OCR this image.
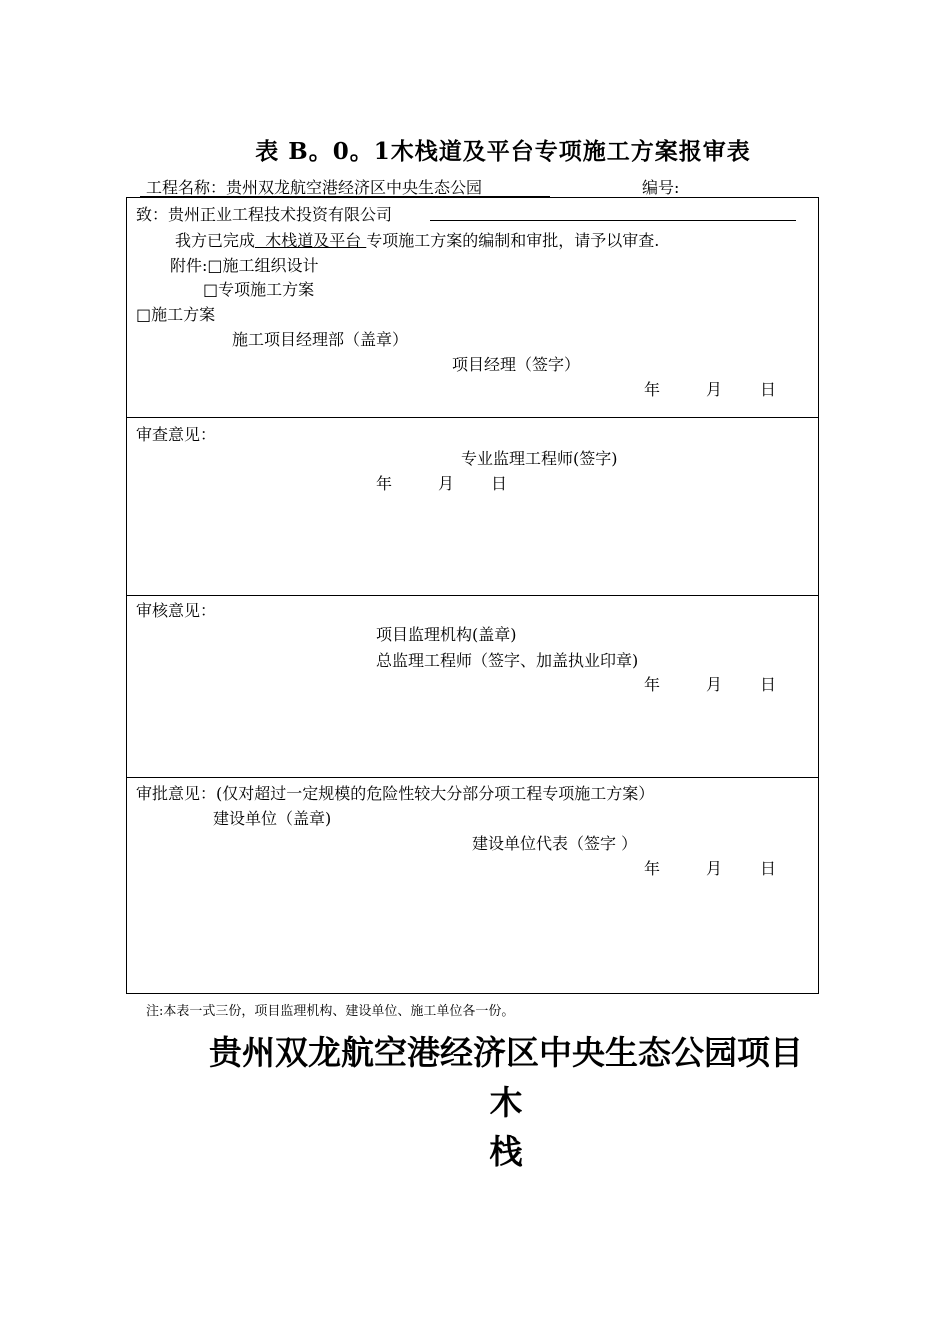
表 B。0。1木栈道及平台专项施工方案报审表
工程名称：贵州双龙航空港经济区中央生态公园	编号:
致：贵州正业工程技术投资有限公司
我方已完成  木栈道及平台 专项施工方案的编制和审批，请予以审查.
附件:□施工组织设计
□专项施工方案
□施工方案
施工项目经理部（盖章）
项目经理（签字）
年	月 日
审查意见：
专业监理工程师(签字)
年	月 日
审核意见：
项目监理机构(盖章)
总监理工程师（签字、加盖执业印章)
年	月 日
审批意见：(仅对超过一定规模的危险性较大分部分项工程专项施工方案）
建设单位（盖章)
建设单位代表（签字 ）
年	月 日
注:本表一式三份，项目监理机构、建设单位、施工单位各一份。
贵州双龙航空港经济区中央生态公园项目
木
栈
